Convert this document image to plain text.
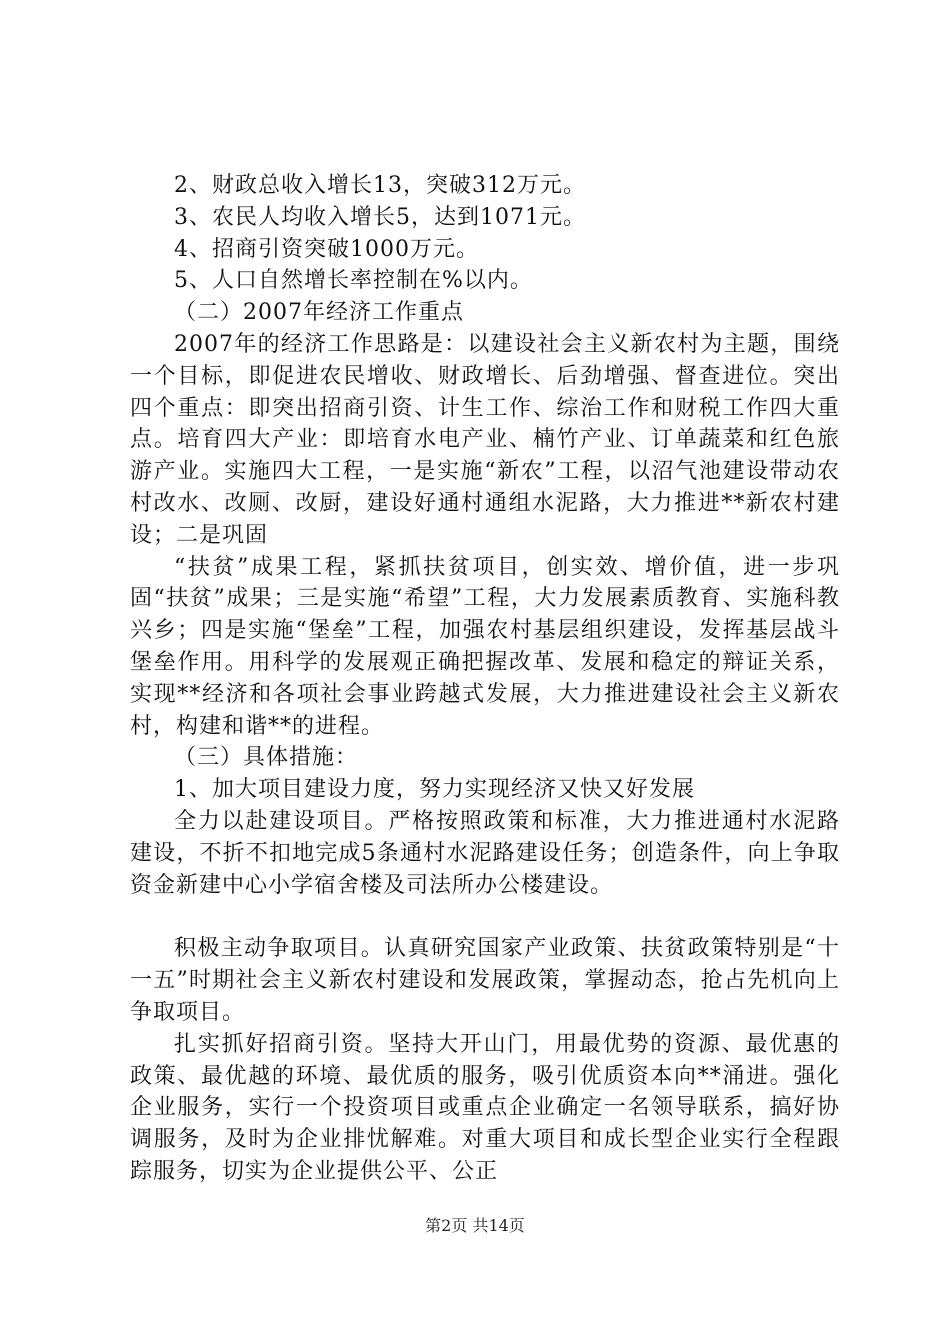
2、财政总收入增长13，突破312万元。

3、农民人均收入增长5，达到1071元。

4、招商引资突破1000万元。

5、人口自然增长率控制在%以内。

（二）2007年经济工作重点

2007年的经济工作思路是：以建设社会主义新农村为主题，围绕一个目标，即促进农民增收、财政增长、后劲增强、督查进位。突出四个重点：即突出招商引资、计生工作、综治工作和财税工作四大重点。培育四大产业：即培育水电产业、楠竹产业、订单蔬菜和红色旅游产业。实施四大工程，一是实施“新农”工程，以沼气池建设带动农村改水、改厕、改厨，建设好通村通组水泥路，大力推进**新农村建设；二是巩固

“扶贫”成果工程，紧抓扶贫项目，创实效、增价值，进一步巩固“扶贫”成果；三是实施“希望”工程，大力发展素质教育、实施科教兴乡；四是实施“堡垒”工程，加强农村基层组织建设，发挥基层战斗堡垒作用。用科学的发展观正确把握改革、发展和稳定的辩证关系，实现**经济和各项社会事业跨越式发展，大力推进建设社会主义新农村，构建和谐**的进程。

（三）具体措施：

1、加大项目建设力度，努力实现经济又快又好发展

全力以赴建设项目。严格按照政策和标准，大力推进通村水泥路建设，不折不扣地完成5条通村水泥路建设任务；创造条件，向上争取资金新建中心小学宿舍楼及司法所办公楼建设。

积极主动争取项目。认真研究国家产业政策、扶贫政策特别是“十一五”时期社会主义新农村建设和发展政策，掌握动态，抢占先机向上争取项目。

扎实抓好招商引资。坚持大开山门，用最优势的资源、最优惠的政策、最优越的环境、最优质的服务，吸引优质资本向**涌进。强化企业服务，实行一个投资项目或重点企业确定一名领导联系，搞好协调服务，及时为企业排忧解难。对重大项目和成长型企业实行全程跟踪服务，切实为企业提供公平、公正

第2页 共14页
